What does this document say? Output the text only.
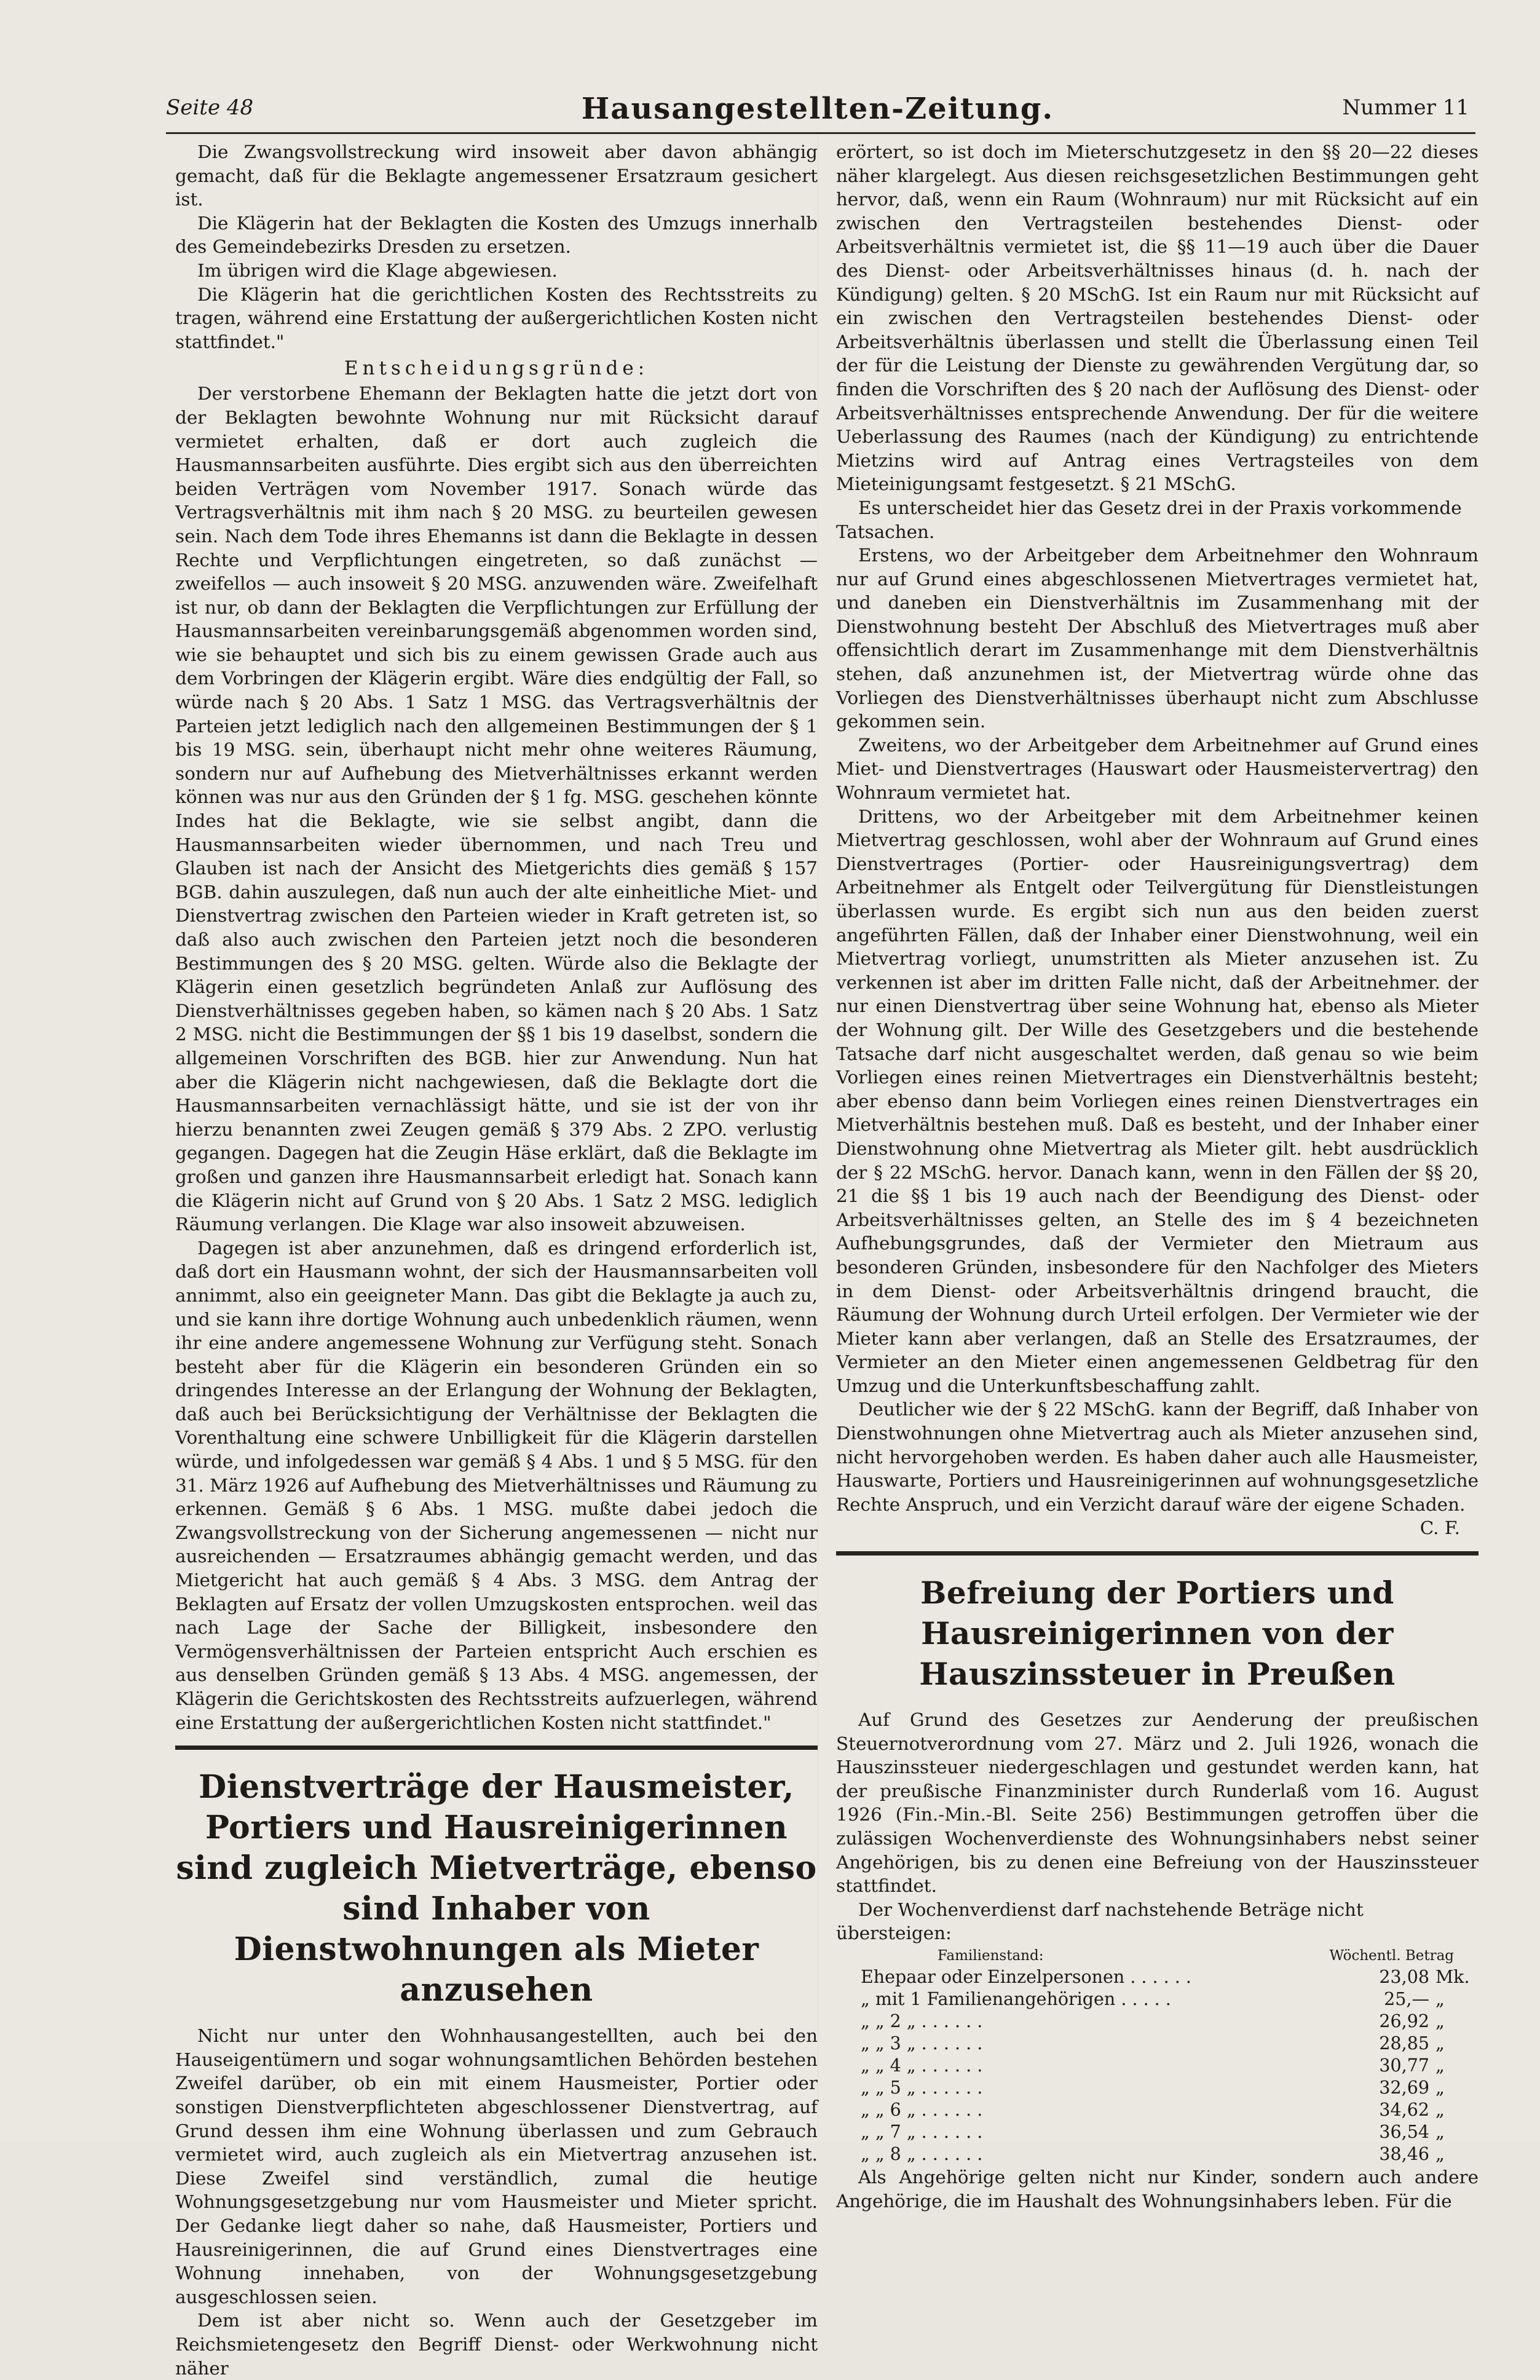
Seite 48	Hausangestellten-Zeitung.	Nummer 11

Die Zwangsvollstreckung wird insoweit aber davon abhängig gemacht, daß für die Beklagte angemessener Ersatzraum gesichert ist.

Die Klägerin hat der Beklagten die Kosten des Umzugs innerhalb des Gemeindebezirks Dresden zu ersetzen.

Im übrigen wird die Klage abgewiesen.

Die Klägerin hat die gerichtlichen Kosten des Rechtsstreits zu tragen, während eine Erstattung der außergerichtlichen Kosten nicht stattfindet."

Entscheidungsgründe:

Der verstorbene Ehemann der Beklagten hatte die jetzt dort von der Beklagten bewohnte Wohnung nur mit Rücksicht darauf vermietet erhalten, daß er dort auch zugleich die Hausmannsarbeiten ausführte. Dies ergibt sich aus den überreichten beiden Verträgen vom November 1917. Sonach würde das Vertragsverhältnis mit ihm nach § 20 MSG. zu beurteilen gewesen sein. Nach dem Tode ihres Ehemanns ist dann die Beklagte in dessen Rechte und Verpflichtungen eingetreten, so daß zunächst — zweifellos — auch insoweit § 20 MSG. anzuwenden wäre. Zweifelhaft ist nur, ob dann der Beklagten die Verpflichtungen zur Erfüllung der Hausmannsarbeiten vereinbarungsgemäß abgenommen worden sind, wie sie behauptet und sich bis zu einem gewissen Grade auch aus dem Vorbringen der Klägerin ergibt. Wäre dies endgültig der Fall, so würde nach § 20 Abs. 1 Satz 1 MSG. das Vertragsverhältnis der Parteien jetzt lediglich nach den allgemeinen Bestimmungen der § 1 bis 19 MSG. sein, überhaupt nicht mehr ohne weiteres Räumung, sondern nur auf Aufhebung des Mietverhältnisses erkannt werden können was nur aus den Gründen der § 1 fg. MSG. geschehen könnte Indes hat die Beklagte, wie sie selbst angibt, dann die Hausmannsarbeiten wieder übernommen, und nach Treu und Glauben ist nach der Ansicht des Mietgerichts dies gemäß § 157 BGB. dahin auszulegen, daß nun auch der alte einheitliche Miet- und Dienstvertrag zwischen den Parteien wieder in Kraft getreten ist, so daß also auch zwischen den Parteien jetzt noch die besonderen Bestimmungen des § 20 MSG. gelten. Würde also die Beklagte der Klägerin einen gesetzlich begründeten Anlaß zur Auflösung des Dienstverhältnisses gegeben haben, so kämen nach § 20 Abs. 1 Satz 2 MSG. nicht die Bestimmungen der §§ 1 bis 19 daselbst, sondern die allgemeinen Vorschriften des BGB. hier zur Anwendung. Nun hat aber die Klägerin nicht nachgewiesen, daß die Beklagte dort die Hausmannsarbeiten vernachlässigt hätte, und sie ist der von ihr hierzu benannten zwei Zeugen gemäß § 379 Abs. 2 ZPO. verlustig gegangen. Dagegen hat die Zeugin Häse erklärt, daß die Beklagte im großen und ganzen ihre Hausmannsarbeit erledigt hat. Sonach kann die Klägerin nicht auf Grund von § 20 Abs. 1 Satz 2 MSG. lediglich Räumung verlangen. Die Klage war also insoweit abzuweisen.

Dagegen ist aber anzunehmen, daß es dringend erforderlich ist, daß dort ein Hausmann wohnt, der sich der Hausmannsarbeiten voll annimmt, also ein geeigneter Mann. Das gibt die Beklagte ja auch zu, und sie kann ihre dortige Wohnung auch unbedenklich räumen, wenn ihr eine andere angemessene Wohnung zur Verfügung steht. Sonach besteht aber für die Klägerin ein besonderen Gründen ein so dringendes Interesse an der Erlangung der Wohnung der Beklagten, daß auch bei Berücksichtigung der Verhältnisse der Beklagten die Vorenthaltung eine schwere Unbilligkeit für die Klägerin darstellen würde, und infolgedessen war gemäß § 4 Abs. 1 und § 5 MSG. für den 31. März 1926 auf Aufhebung des Mietverhältnisses und Räumung zu erkennen. Gemäß § 6 Abs. 1 MSG. mußte dabei jedoch die Zwangsvollstreckung von der Sicherung angemessenen — nicht nur ausreichenden — Ersatzraumes abhängig gemacht werden, und das Mietgericht hat auch gemäß § 4 Abs. 3 MSG. dem Antrag der Beklagten auf Ersatz der vollen Umzugskosten entsprochen. weil das nach Lage der Sache der Billigkeit, insbesondere den Vermögensverhältnissen der Parteien entspricht Auch erschien es aus denselben Gründen gemäß § 13 Abs. 4 MSG. angemessen, der Klägerin die Gerichtskosten des Rechtsstreits aufzuerlegen, während eine Erstattung der außergerichtlichen Kosten nicht stattfindet."

Dienstverträge der Hausmeister, Portiers und Hausreinigerinnen sind zugleich Mietverträge, ebenso sind Inhaber von Dienstwohnungen als Mieter anzusehen

Nicht nur unter den Wohnhausangestellten, auch bei den Hauseigentümern und sogar wohnungsamtlichen Behörden bestehen Zweifel darüber, ob ein mit einem Hausmeister, Portier oder sonstigen Dienstverpflichteten abgeschlossener Dienstvertrag, auf Grund dessen ihm eine Wohnung überlassen und zum Gebrauch vermietet wird, auch zugleich als ein Mietvertrag anzusehen ist. Diese Zweifel sind verständlich, zumal die heutige Wohnungsgesetzgebung nur vom Hausmeister und Mieter spricht. Der Gedanke liegt daher so nahe, daß Hausmeister, Portiers und Hausreinigerinnen, die auf Grund eines Dienstvertrages eine Wohnung innehaben, von der Wohnungsgesetzgebung ausgeschlossen seien.

Dem ist aber nicht so. Wenn auch der Gesetzgeber im Reichsmietengesetz den Begriff Dienst- oder Werkwohnung nicht näher

erörtert, so ist doch im Mieterschutzgesetz in den §§ 20—22 dieses näher klargelegt. Aus diesen reichsgesetzlichen Bestimmungen geht hervor, daß, wenn ein Raum (Wohnraum) nur mit Rücksicht auf ein zwischen den Vertragsteilen bestehendes Dienst- oder Arbeitsverhältnis vermietet ist, die §§ 11—19 auch über die Dauer des Dienst- oder Arbeitsverhältnisses hinaus (d. h. nach der Kündigung) gelten. § 20 MSchG. Ist ein Raum nur mit Rücksicht auf ein zwischen den Vertragsteilen bestehendes Dienst- oder Arbeitsverhältnis überlassen und stellt die Überlassung einen Teil der für die Leistung der Dienste zu gewährenden Vergütung dar, so finden die Vorschriften des § 20 nach der Auflösung des Dienst- oder Arbeitsverhältnisses entsprechende Anwendung. Der für die weitere Ueberlassung des Raumes (nach der Kündigung) zu entrichtende Mietzins wird auf Antrag eines Vertragsteiles von dem Mieteinigungsamt festgesetzt. § 21 MSchG.

Es unterscheidet hier das Gesetz drei in der Praxis vorkommende Tatsachen.

Erstens, wo der Arbeitgeber dem Arbeitnehmer den Wohnraum nur auf Grund eines abgeschlossenen Mietvertrages vermietet hat, und daneben ein Dienstverhältnis im Zusammenhang mit der Dienstwohnung besteht Der Abschluß des Mietvertrages muß aber offensichtlich derart im Zusammenhange mit dem Dienstverhältnis stehen, daß anzunehmen ist, der Mietvertrag würde ohne das Vorliegen des Dienstverhältnisses überhaupt nicht zum Abschlusse gekommen sein.

Zweitens, wo der Arbeitgeber dem Arbeitnehmer auf Grund eines Miet- und Dienstvertrages (Hauswart oder Hausmeistervertrag) den Wohnraum vermietet hat.

Drittens, wo der Arbeitgeber mit dem Arbeitnehmer keinen Mietvertrag geschlossen, wohl aber der Wohnraum auf Grund eines Dienstvertrages (Portier- oder Hausreinigungsvertrag) dem Arbeitnehmer als Entgelt oder Teilvergütung für Dienstleistungen überlassen wurde. Es ergibt sich nun aus den beiden zuerst angeführten Fällen, daß der Inhaber einer Dienstwohnung, weil ein Mietvertrag vorliegt, unumstritten als Mieter anzusehen ist. Zu verkennen ist aber im dritten Falle nicht, daß der Arbeitnehmer. der nur einen Dienstvertrag über seine Wohnung hat, ebenso als Mieter der Wohnung gilt. Der Wille des Gesetzgebers und die bestehende Tatsache darf nicht ausgeschaltet werden, daß genau so wie beim Vorliegen eines reinen Mietvertrages ein Dienstverhältnis besteht; aber ebenso dann beim Vorliegen eines reinen Dienstvertrages ein Mietverhältnis bestehen muß. Daß es besteht, und der Inhaber einer Dienstwohnung ohne Mietvertrag als Mieter gilt. hebt ausdrücklich der § 22 MSchG. hervor. Danach kann, wenn in den Fällen der §§ 20, 21 die §§ 1 bis 19 auch nach der Beendigung des Dienst- oder Arbeitsverhältnisses gelten, an Stelle des im § 4 bezeichneten Aufhebungsgrundes, daß der Vermieter den Mietraum aus besonderen Gründen, insbesondere für den Nachfolger des Mieters in dem Dienst- oder Arbeitsverhältnis dringend braucht, die Räumung der Wohnung durch Urteil erfolgen. Der Vermieter wie der Mieter kann aber verlangen, daß an Stelle des Ersatzraumes, der Vermieter an den Mieter einen angemessenen Geldbetrag für den Umzug und die Unterkunftsbeschaffung zahlt.

Deutlicher wie der § 22 MSchG. kann der Begriff, daß Inhaber von Dienstwohnungen ohne Mietvertrag auch als Mieter anzusehen sind, nicht hervorgehoben werden. Es haben daher auch alle Hausmeister, Hauswarte, Portiers und Hausreinigerinnen auf wohnungsgesetzliche Rechte Anspruch, und ein Verzicht darauf wäre der eigene Schaden.

C. F.

Befreiung der Portiers und Hausreinigerinnen von der Hauszinssteuer in Preußen

Auf Grund des Gesetzes zur Aenderung der preußischen Steuernotverordnung vom 27. März und 2. Juli 1926, wonach die Hauszinssteuer niedergeschlagen und gestundet werden kann, hat der preußische Finanzminister durch Runderlaß vom 16. August 1926 (Fin.-Min.-Bl. Seite 256) Bestimmungen getroffen über die zulässigen Wochenverdienste des Wohnungsinhabers nebst seiner Angehörigen, bis zu denen eine Befreiung von der Hauszinssteuer stattfindet.

Der Wochenverdienst darf nachstehende Beträge nicht übersteigen:

Familienstand:	Wöchentl. Betrag
Ehepaar oder Einzelpersonen . . . . . .	23,08	Mk.
„ mit 1 Familienangehörigen . . . . .	25,—	„
„ „ 2 „ . . . . . .	26,92	„
„ „ 3 „ . . . . . .	28,85	„
„ „ 4 „ . . . . . .	30,77	„
„ „ 5 „ . . . . . .	32,69	„
„ „ 6 „ . . . . . .	34,62	„
„ „ 7 „ . . . . . .	36,54	„
„ „ 8 „ . . . . . .	38,46	„

Als Angehörige gelten nicht nur Kinder, sondern auch andere Angehörige, die im Haushalt des Wohnungsinhabers leben. Für die
